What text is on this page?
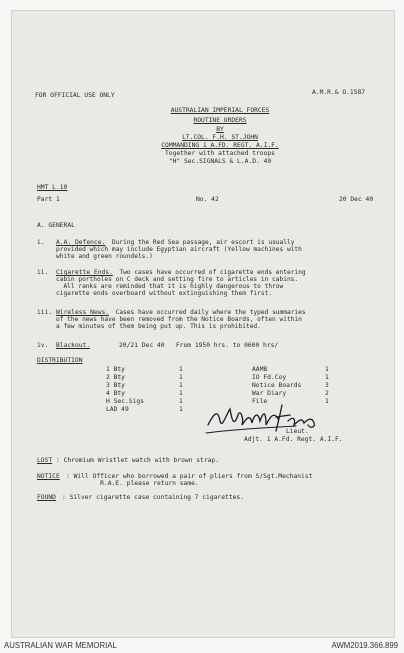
FOR OFFICIAL USE ONLY	A.M.R.& O.1587
AUSTRALIAN IMPERIAL FORCES
ROUTINE ORDERS
BY
LT.COL. F.H. ST.JOHN
COMMANDING 1 A.FD. REGT. A.I.F.
Together with attached troops
"H" Sec.SIGNALS & L.A.D. 49
HMT L.10
Part 1	No. 42	20 Dec 40
A. GENERAL
i. A.A. Defence.	During the Red Sea passage, air escort is usually
provided which may include Egyptian aircraft (Yellow machines with
white and green roundels.)
ii. Cigarette Ends.	Two cases have occurred of cigarette ends entering
cabin portholes on C deck and setting fire to articles in cabins.
All ranks are reminded that it is highly dangerous to throw
cigarette ends overboard without extinguishing them first.
iii. Wireless News.	Cases have occurred daily where the typed summaries
of the news have been removed from the Notice Boards, often within
a few minutes of them being put up. This is prohibited.
iv. Blackout.	20/21 Dec 40   From 1950 hrs. to 0600 hrs/
DISTRIBUTION
1 Bty	1
2 Bty	1
3 Bty	1
4 Bty	1
H Sec.Sigs	1
LAD 49	1
AAMB	1
IO Fd.Coy	1
Notice Boards	3
War Diary	2
File	1
Wilfred Fees
Lieut.
Adjt. 1 A.Fd. Regt. A.I.F.
LOST : Chromium Wristlet watch with brown strap.
NOTICE : Will Officer who borrowed a pair of pliers from S/Sgt.Mechanist
R.A.E. please return same.
FOUND : Silver cigarette case containing 7 cigarettes.
AUSTRALIAN WAR MEMORIAL	AWM2019.366.899
